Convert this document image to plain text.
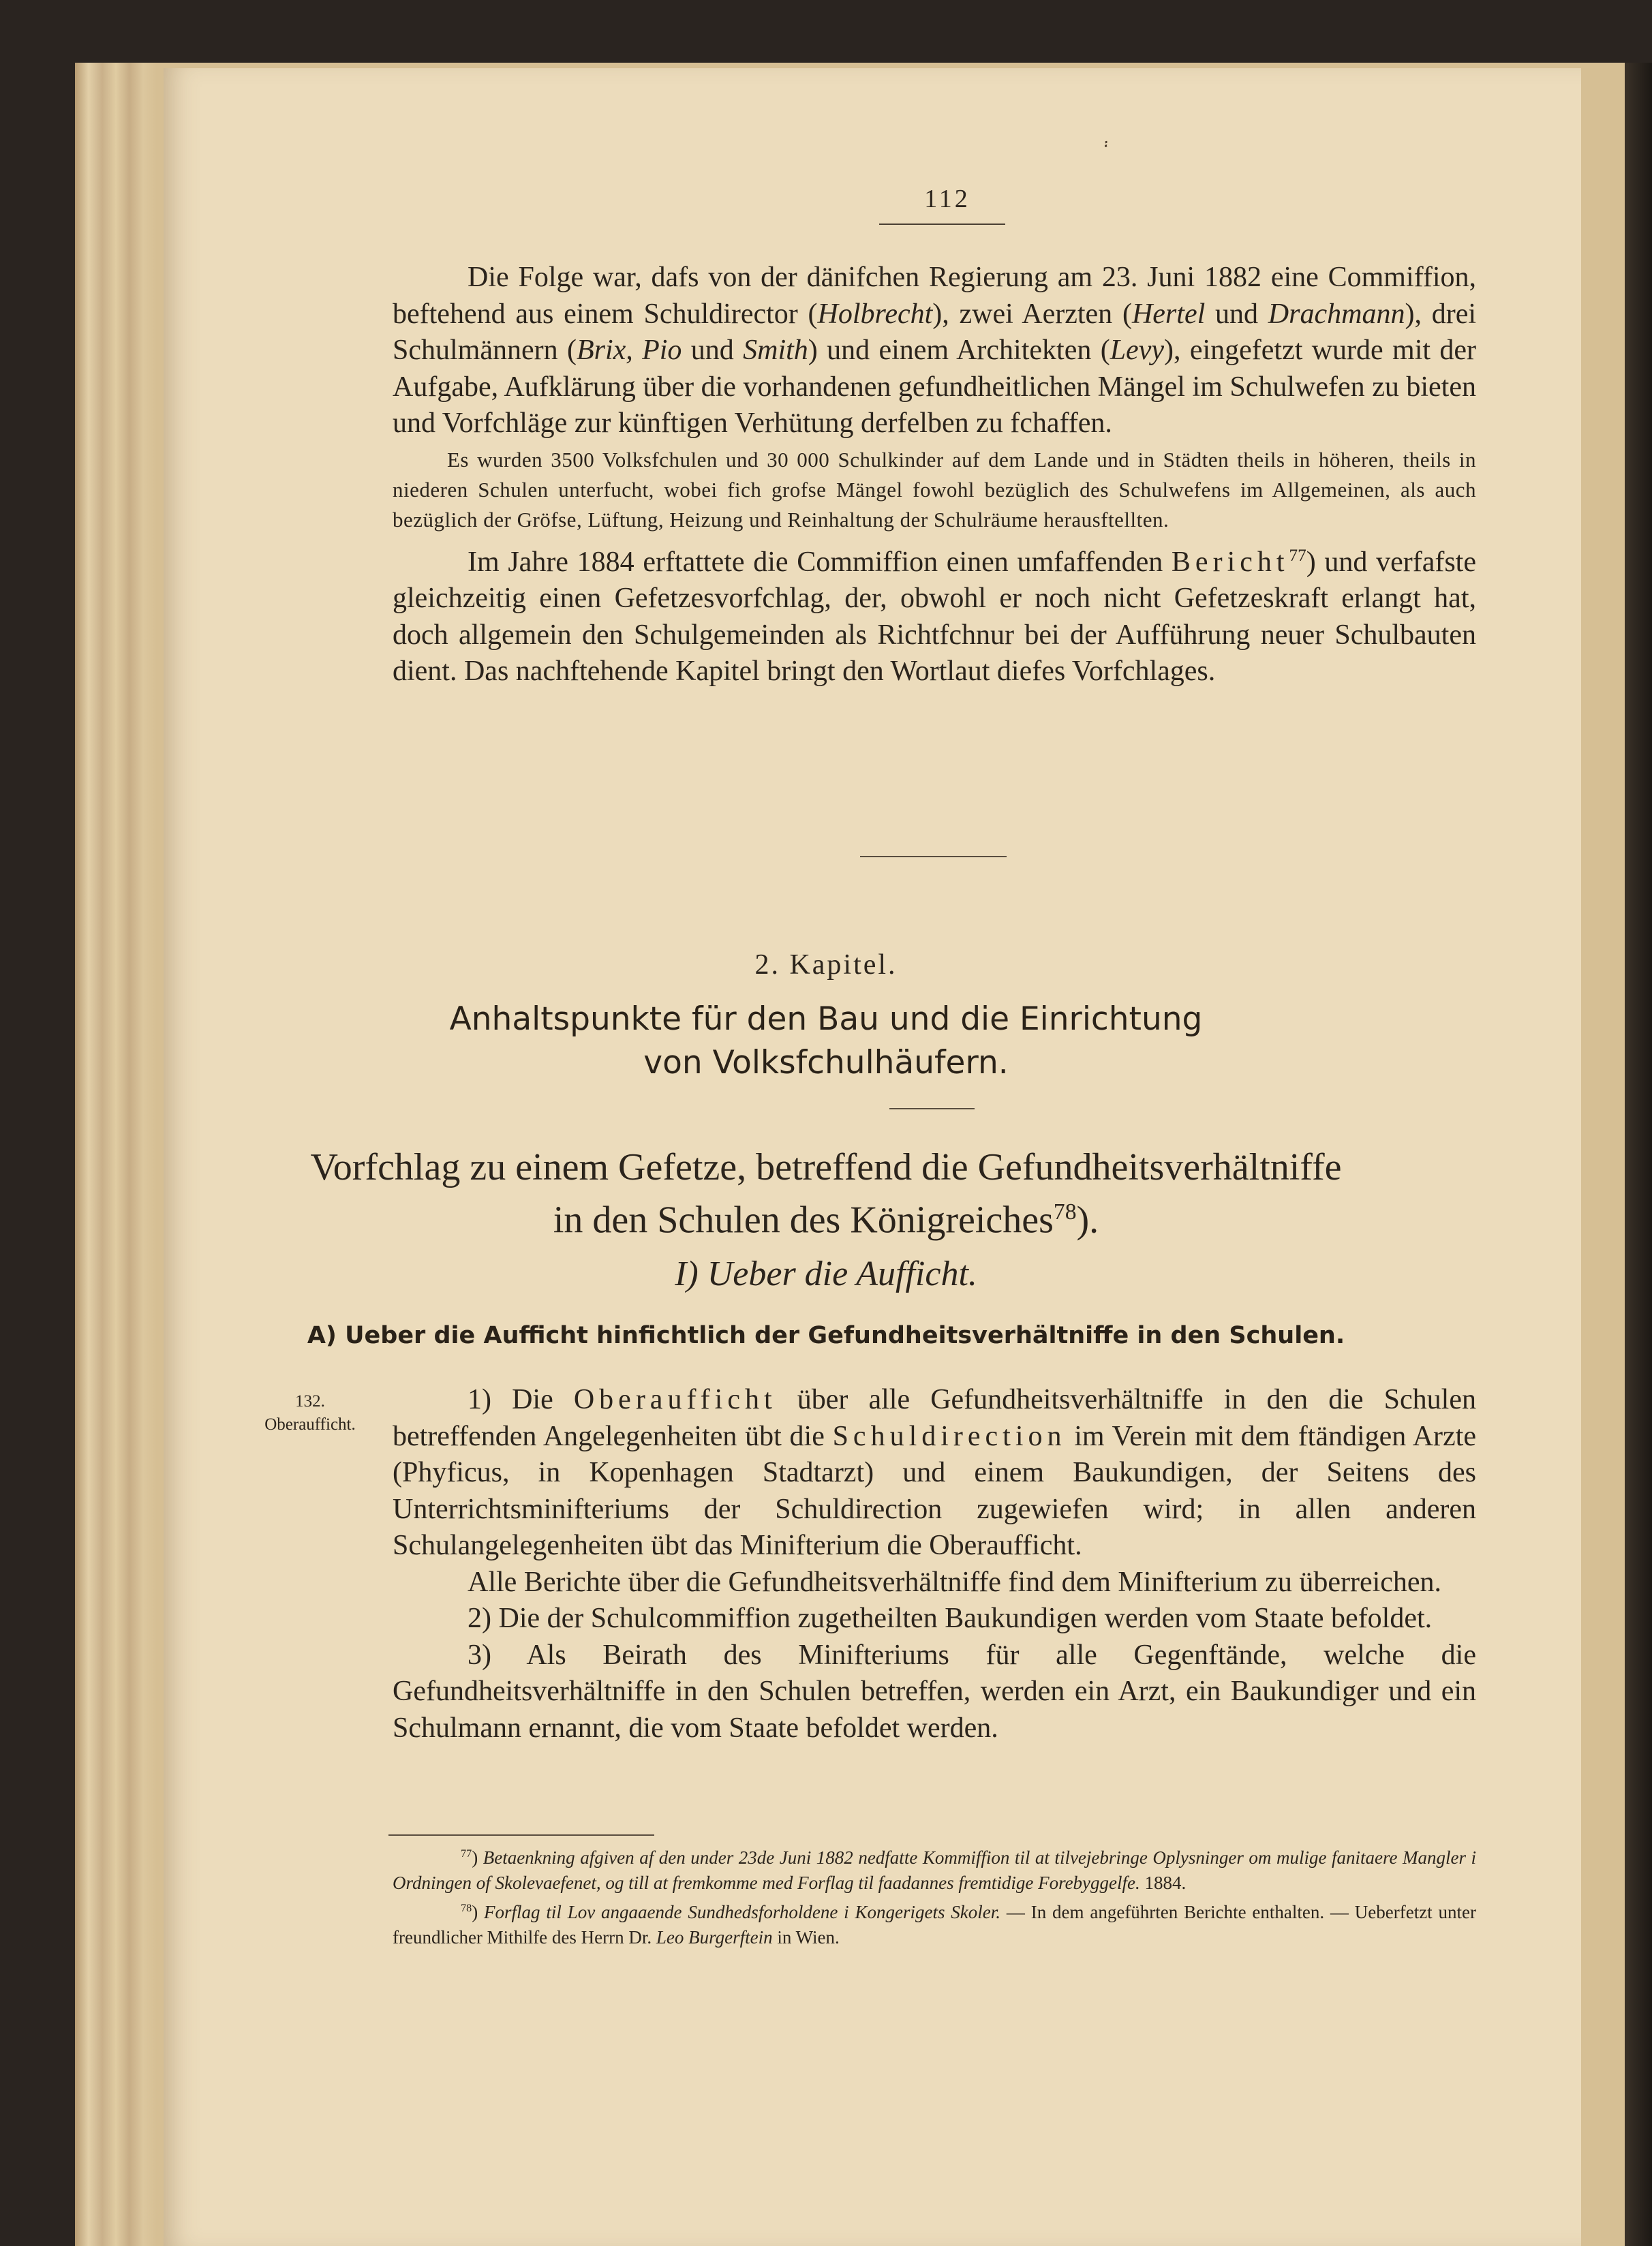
᎓
112

Die Folge war, dafs von der dänifchen Regierung am 23. Juni 1882 eine Commiffion, beftehend aus einem Schuldirector (Holbrecht), zwei Aerzten (Hertel und Drachmann), drei Schulmännern (Brix, Pio und Smith) und einem Architekten (Levy), eingefetzt wurde mit der Aufgabe, Aufklärung über die vorhandenen gefundheitlichen Mängel im Schulwefen zu bieten und Vorfchläge zur künftigen Verhütung derfelben zu fchaffen.

Es wurden 3500 Volksfchulen und 30 000 Schulkinder auf dem Lande und in Städten theils in höheren, theils in niederen Schulen unterfucht, wobei fich grofse Mängel fowohl bezüglich des Schulwefens im Allgemeinen, als auch bezüglich der Gröfse, Lüftung, Heizung und Reinhaltung der Schulräume herausftellten.

Im Jahre 1884 erftattete die Commiffion einen umfaffenden Bericht$^{77}$) und verfafste gleichzeitig einen Gefetzesvorfchlag, der, obwohl er noch nicht Gefetzeskraft erlangt hat, doch allgemein den Schulgemeinden als Richtfchnur bei der Aufführung neuer Schulbauten dient. Das nachftehende Kapitel bringt den Wortlaut diefes Vorfchlages.

2. Kapitel.
Anhaltspunkte für den Bau und die Einrichtung
von Volksfchulhäufern.
Vorfchlag zu einem Gefetze, betreffend die Gefundheitsverhältniffe
in den Schulen des Königreiches$^{78}$).
I) Ueber die Aufficht.
A) Ueber die Aufficht hinfichtlich der Gefundheitsverhältniffe in den Schulen.
132.
Oberaufficht.

1) Die Oberaufficht über alle Gefundheitsverhältniffe in den die Schulen betreffenden Angelegenheiten übt die Schuldirection im Verein mit dem ftändigen Arzte (Phyficus, in Kopenhagen Stadtarzt) und einem Baukundigen, der Seitens des Unterrichtsminifteriums der Schuldirection zugewiefen wird; in allen anderen Schulangelegenheiten übt das Minifterium die Oberaufficht.

Alle Berichte über die Gefundheitsverhältniffe find dem Minifterium zu überreichen.

2) Die der Schulcommiffion zugetheilten Baukundigen werden vom Staate befoldet.

3) Als Beirath des Minifteriums für alle Gegenftände, welche die Gefundheitsverhältniffe in den Schulen betreffen, werden ein Arzt, ein Baukundiger und ein Schulmann ernannt, die vom Staate befoldet werden.

$^{77}$) Betaenkning afgiven af den under 23de Juni 1882 nedfatte Kommiffion til at tilvejebringe Oplysninger om mulige fanitaere Mangler i Ordningen of Skolevaefenet, og till at fremkomme med Forflag til faadannes fremtidige Forebyggelfe. 1884.

$^{78}$) Forflag til Lov angaaende Sundhedsforholdene i Kongerigets Skoler. — In dem angeführten Berichte enthalten. — Ueberfetzt unter freundlicher Mithilfe des Herrn Dr. Leo Burgerftein in Wien.
